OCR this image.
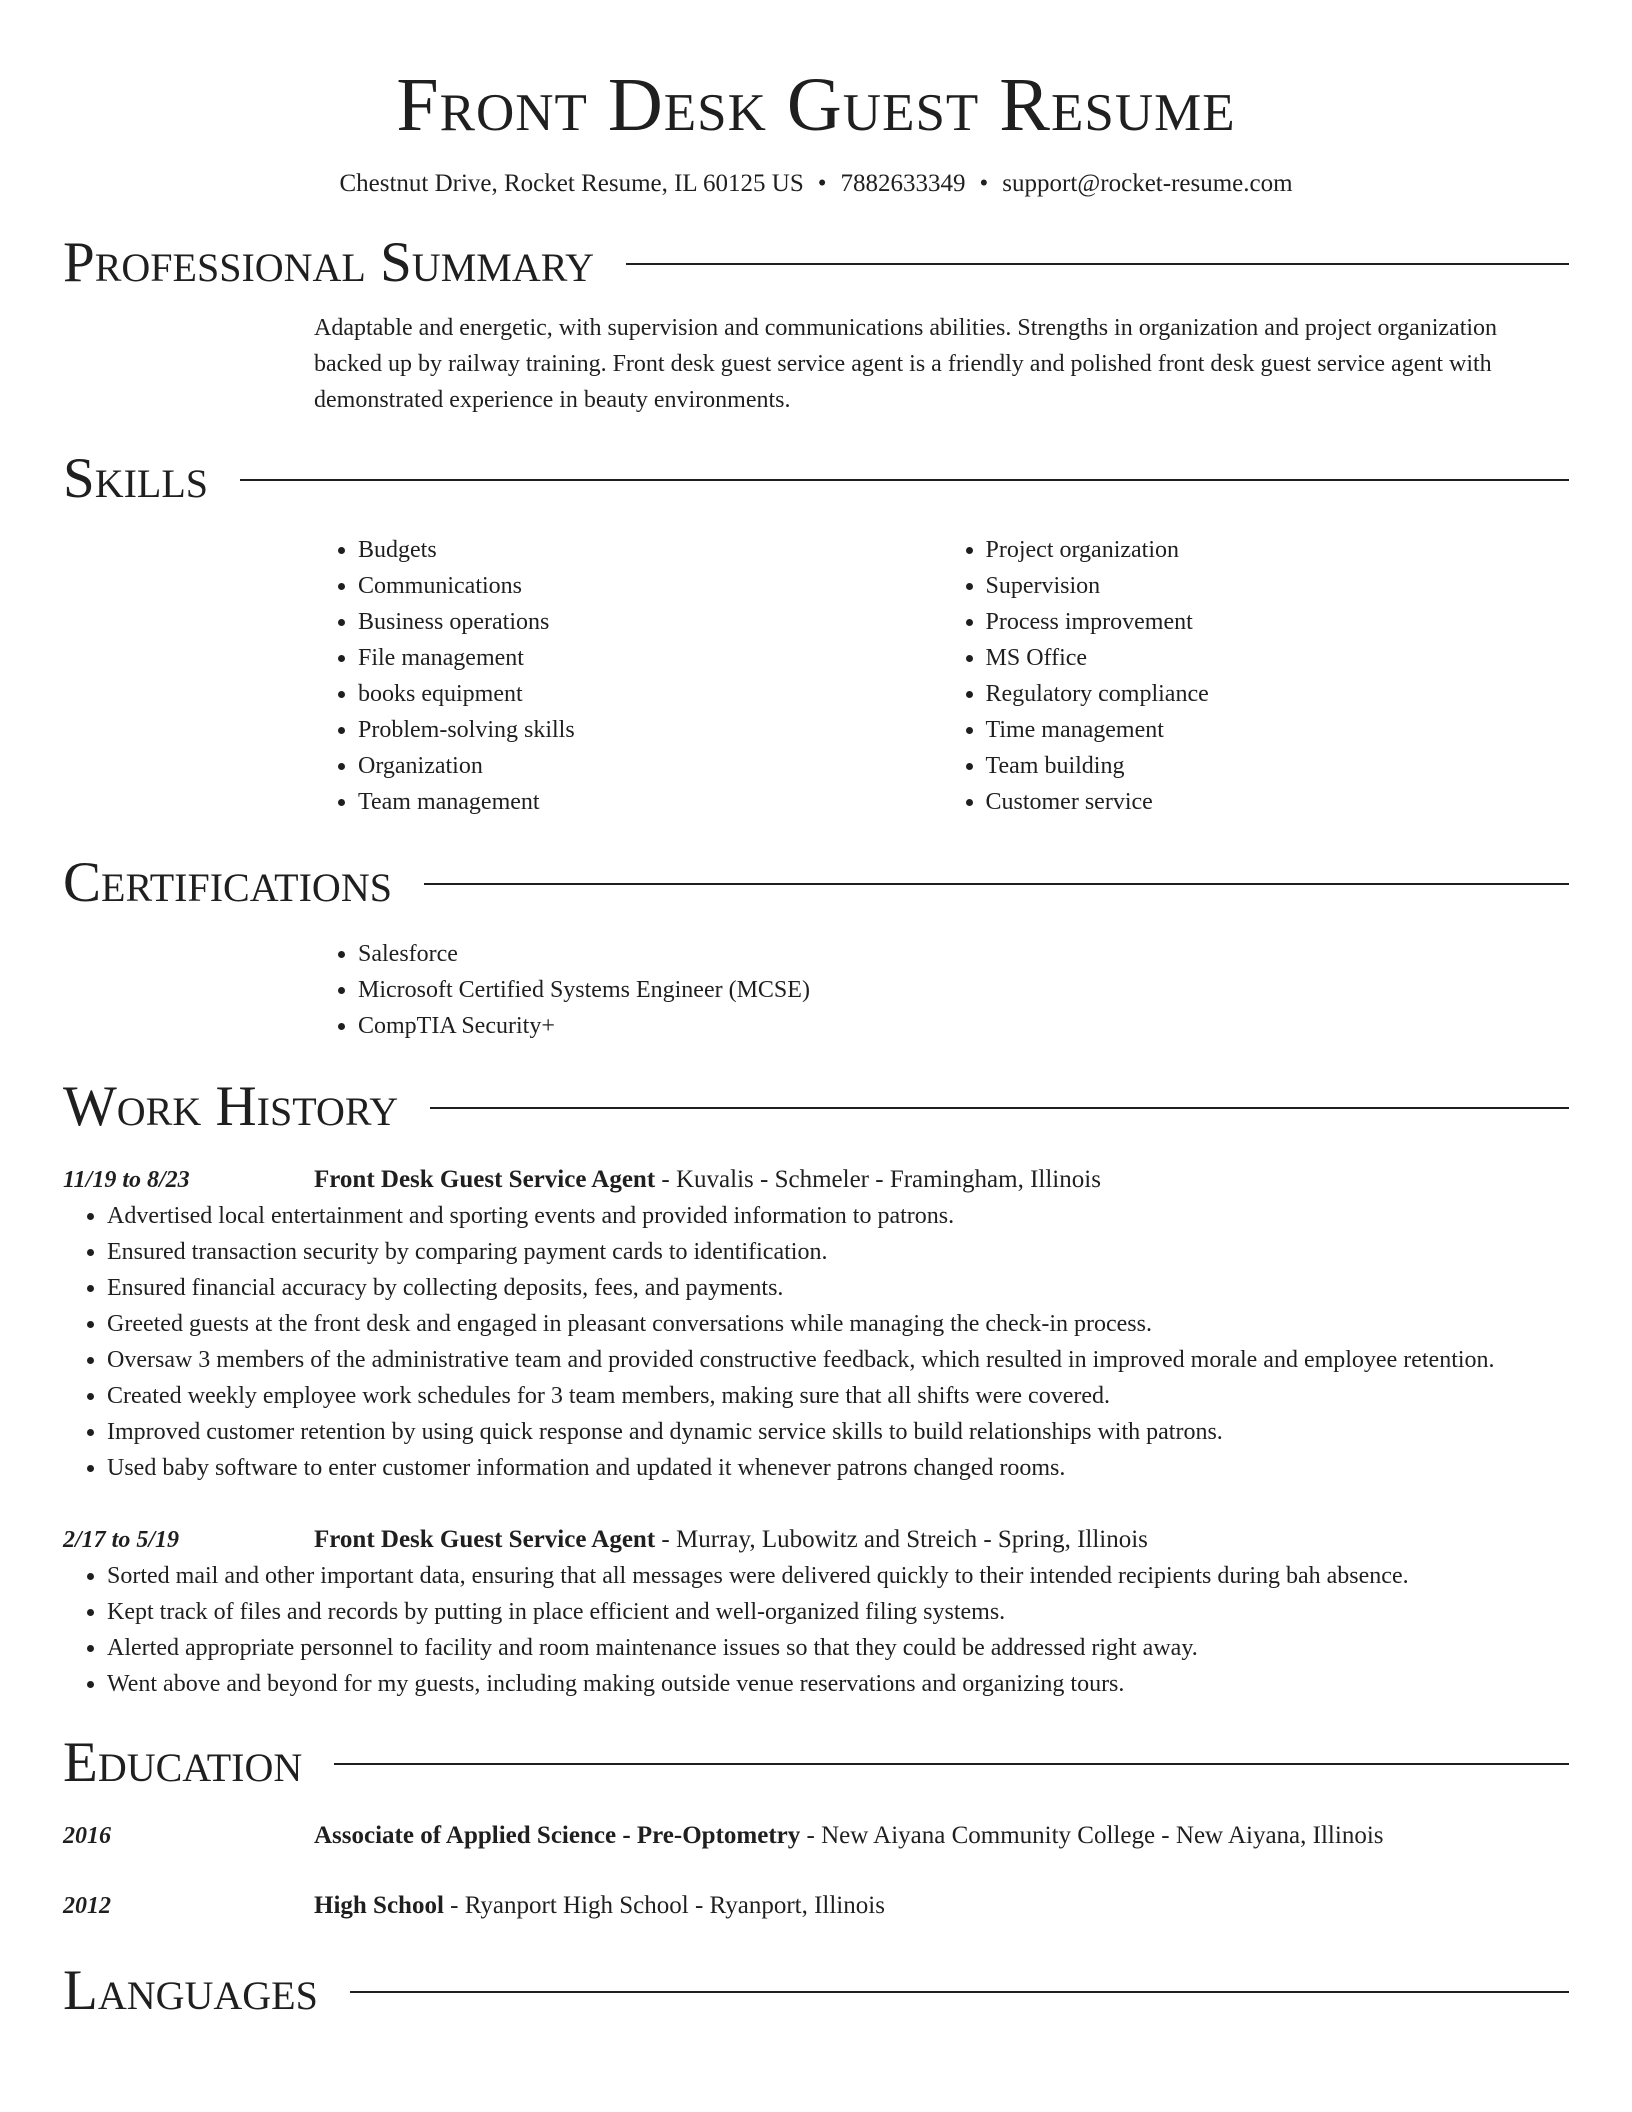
Front Desk Guest Resume
Chestnut Drive, Rocket Resume, IL 60125 US • 7882633349 • support@rocket-resume.com
Professional Summary
Adaptable and energetic, with supervision and communications abilities. Strengths in organization and project organization backed up by railway training. Front desk guest service agent is a friendly and polished front desk guest service agent with demonstrated experience in beauty environments.
Skills
• Budgets
• Communications
• Business operations
• File management
• books equipment
• Problem-solving skills
• Organization
• Team management
• Project organization
• Supervision
• Process improvement
• MS Office
• Regulatory compliance
• Time management
• Team building
• Customer service
Certifications
• Salesforce
• Microsoft Certified Systems Engineer (MCSE)
• CompTIA Security+
Work History
11/19 to 8/23	Front Desk Guest Service Agent - Kuvalis - Schmeler - Framingham, Illinois
• Advertised local entertainment and sporting events and provided information to patrons.
• Ensured transaction security by comparing payment cards to identification.
• Ensured financial accuracy by collecting deposits, fees, and payments.
• Greeted guests at the front desk and engaged in pleasant conversations while managing the check-in process.
• Oversaw 3 members of the administrative team and provided constructive feedback, which resulted in improved morale and employee retention.
• Created weekly employee work schedules for 3 team members, making sure that all shifts were covered.
• Improved customer retention by using quick response and dynamic service skills to build relationships with patrons.
• Used baby software to enter customer information and updated it whenever patrons changed rooms.
2/17 to 5/19	Front Desk Guest Service Agent - Murray, Lubowitz and Streich - Spring, Illinois
• Sorted mail and other important data, ensuring that all messages were delivered quickly to their intended recipients during bah absence.
• Kept track of files and records by putting in place efficient and well-organized filing systems.
• Alerted appropriate personnel to facility and room maintenance issues so that they could be addressed right away.
• Went above and beyond for my guests, including making outside venue reservations and organizing tours.
Education
2016	Associate of Applied Science - Pre-Optometry - New Aiyana Community College - New Aiyana, Illinois
2012	High School - Ryanport High School - Ryanport, Illinois
Languages
